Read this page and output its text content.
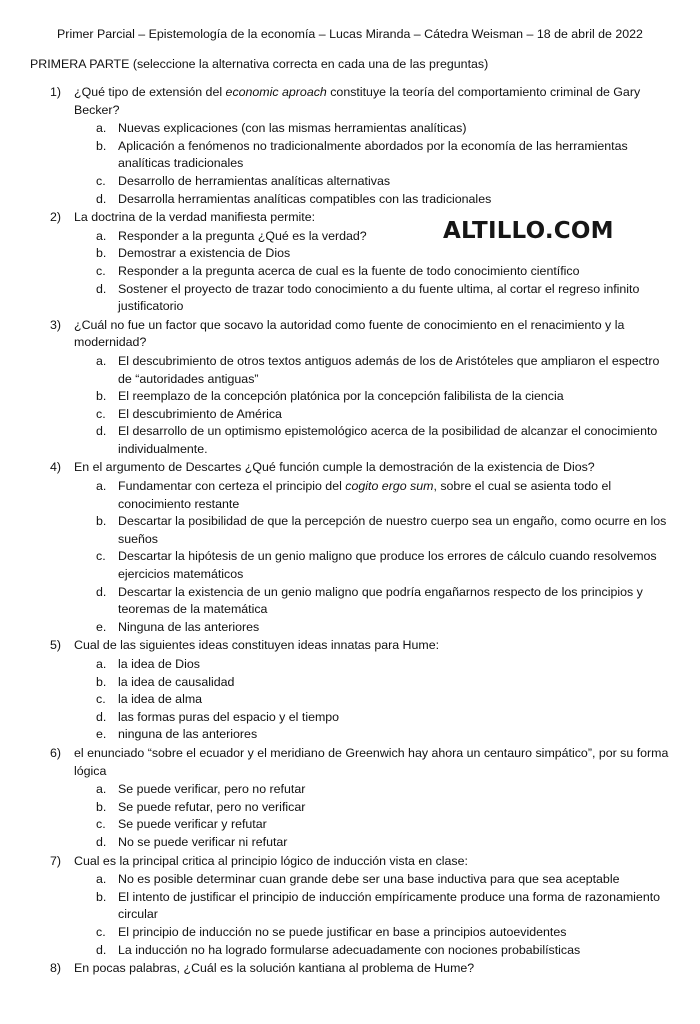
Primer Parcial – Epistemología de la economía – Lucas Miranda – Cátedra Weisman – 18 de abril de 2022
PRIMERA PARTE (seleccione la alternativa correcta en cada una de las preguntas)
1) ¿Qué tipo de extensión del economic aproach constituye la teoría del comportamiento criminal de Gary Becker?
a. Nuevas explicaciones (con las mismas herramientas analíticas)
b. Aplicación a fenómenos no tradicionalmente abordados por la economía de las herramientas analíticas tradicionales
c. Desarrollo de herramientas analíticas alternativas
d. Desarrolla herramientas analíticas compatibles con las tradicionales
2) La doctrina de la verdad manifiesta permite:
a. Responder a la pregunta ¿Qué es la verdad?
b. Demostrar a existencia de Dios
c. Responder a la pregunta acerca de cual es la fuente de todo conocimiento científico
d. Sostener el proyecto de trazar todo conocimiento a du fuente ultima, al cortar el regreso infinito justificatorio
3) ¿Cuál no fue un factor que socavo la autoridad como fuente de conocimiento en el renacimiento y la modernidad?
a. El descubrimiento de otros textos antiguos además de los de Aristóteles que ampliaron el espectro de “autoridades antiguas”
b. El reemplazo de la concepción platónica por la concepción falibilista de la ciencia
c. El descubrimiento de América
d. El desarrollo de un optimismo epistemológico acerca de la posibilidad de alcanzar el conocimiento individualmente.
4) En el argumento de Descartes ¿Qué función cumple la demostración de la existencia de Dios?
a. Fundamentar con certeza el principio del cogito ergo sum, sobre el cual se asienta todo el conocimiento restante
b. Descartar la posibilidad de que la percepción de nuestro cuerpo sea un engaño, como ocurre en los sueños
c. Descartar la hipótesis de un genio maligno que produce los errores de cálculo cuando resolvemos ejercicios matemáticos
d. Descartar la existencia de un genio maligno que podría engañarnos respecto de los principios y teoremas de la matemática
e. Ninguna de las anteriores
5) Cual de las siguientes ideas constituyen ideas innatas para Hume:
a. la idea de Dios
b. la idea de causalidad
c. la idea de alma
d. las formas puras del espacio y el tiempo
e. ninguna de las anteriores
6) el enunciado “sobre el ecuador y el meridiano de Greenwich hay ahora un centauro simpático”, por su forma lógica
a. Se puede verificar, pero no refutar
b. Se puede refutar, pero no verificar
c. Se puede verificar y refutar
d. No se puede verificar ni refutar
7) Cual es la principal critica al principio lógico de inducción vista en clase:
a. No es posible determinar cuan grande debe ser una base inductiva para que sea aceptable
b. El intento de justificar el principio de inducción empíricamente produce una forma de razonamiento circular
c. El principio de inducción no se puede justificar en base a principios autoevidentes
d. La inducción no ha logrado formularse adecuadamente con nociones probabilísticas
8) En pocas palabras, ¿Cuál es la solución kantiana al problema de Hume?
ALTILLO.COM
